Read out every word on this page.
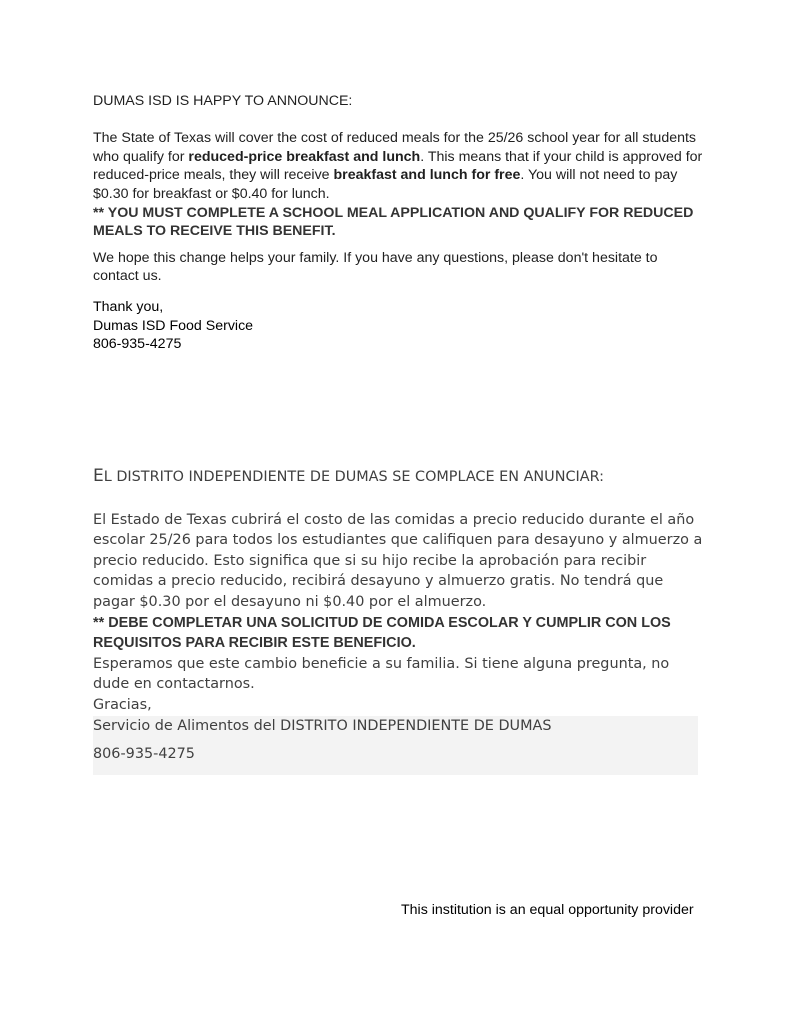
DUMAS ISD IS HAPPY TO ANNOUNCE:

The State of Texas will cover the cost of reduced meals for the 25/26 school year for all students who qualify for reduced-price breakfast and lunch. This means that if your child is approved for reduced-price meals, they will receive breakfast and lunch for free. You will not need to pay $0.30 for breakfast or $0.40 for lunch.

** YOU MUST COMPLETE A SCHOOL MEAL APPLICATION AND QUALIFY FOR REDUCED MEALS TO RECEIVE THIS BENEFIT.

We hope this change helps your family. If you have any questions, please don't hesitate to contact us.

Thank you,

Dumas ISD Food Service

806-935-4275

EL DISTRITO INDEPENDIENTE DE DUMAS SE COMPLACE EN ANUNCIAR:

El Estado de Texas cubrirá el costo de las comidas a precio reducido durante el año escolar 25/26 para todos los estudiantes que califiquen para desayuno y almuerzo a precio reducido. Esto significa que si su hijo recibe la aprobación para recibir comidas a precio reducido, recibirá desayuno y almuerzo gratis. No tendrá que pagar $0.30 por el desayuno ni $0.40 por el almuerzo.

** DEBE COMPLETAR UNA SOLICITUD DE COMIDA ESCOLAR Y CUMPLIR CON LOS REQUISITOS PARA RECIBIR ESTE BENEFICIO.

Esperamos que este cambio beneficie a su familia. Si tiene alguna pregunta, no dude en contactarnos.

Gracias,

Servicio de Alimentos del DISTRITO INDEPENDIENTE DE DUMAS

806-935-4275

This institution is an equal opportunity provider
